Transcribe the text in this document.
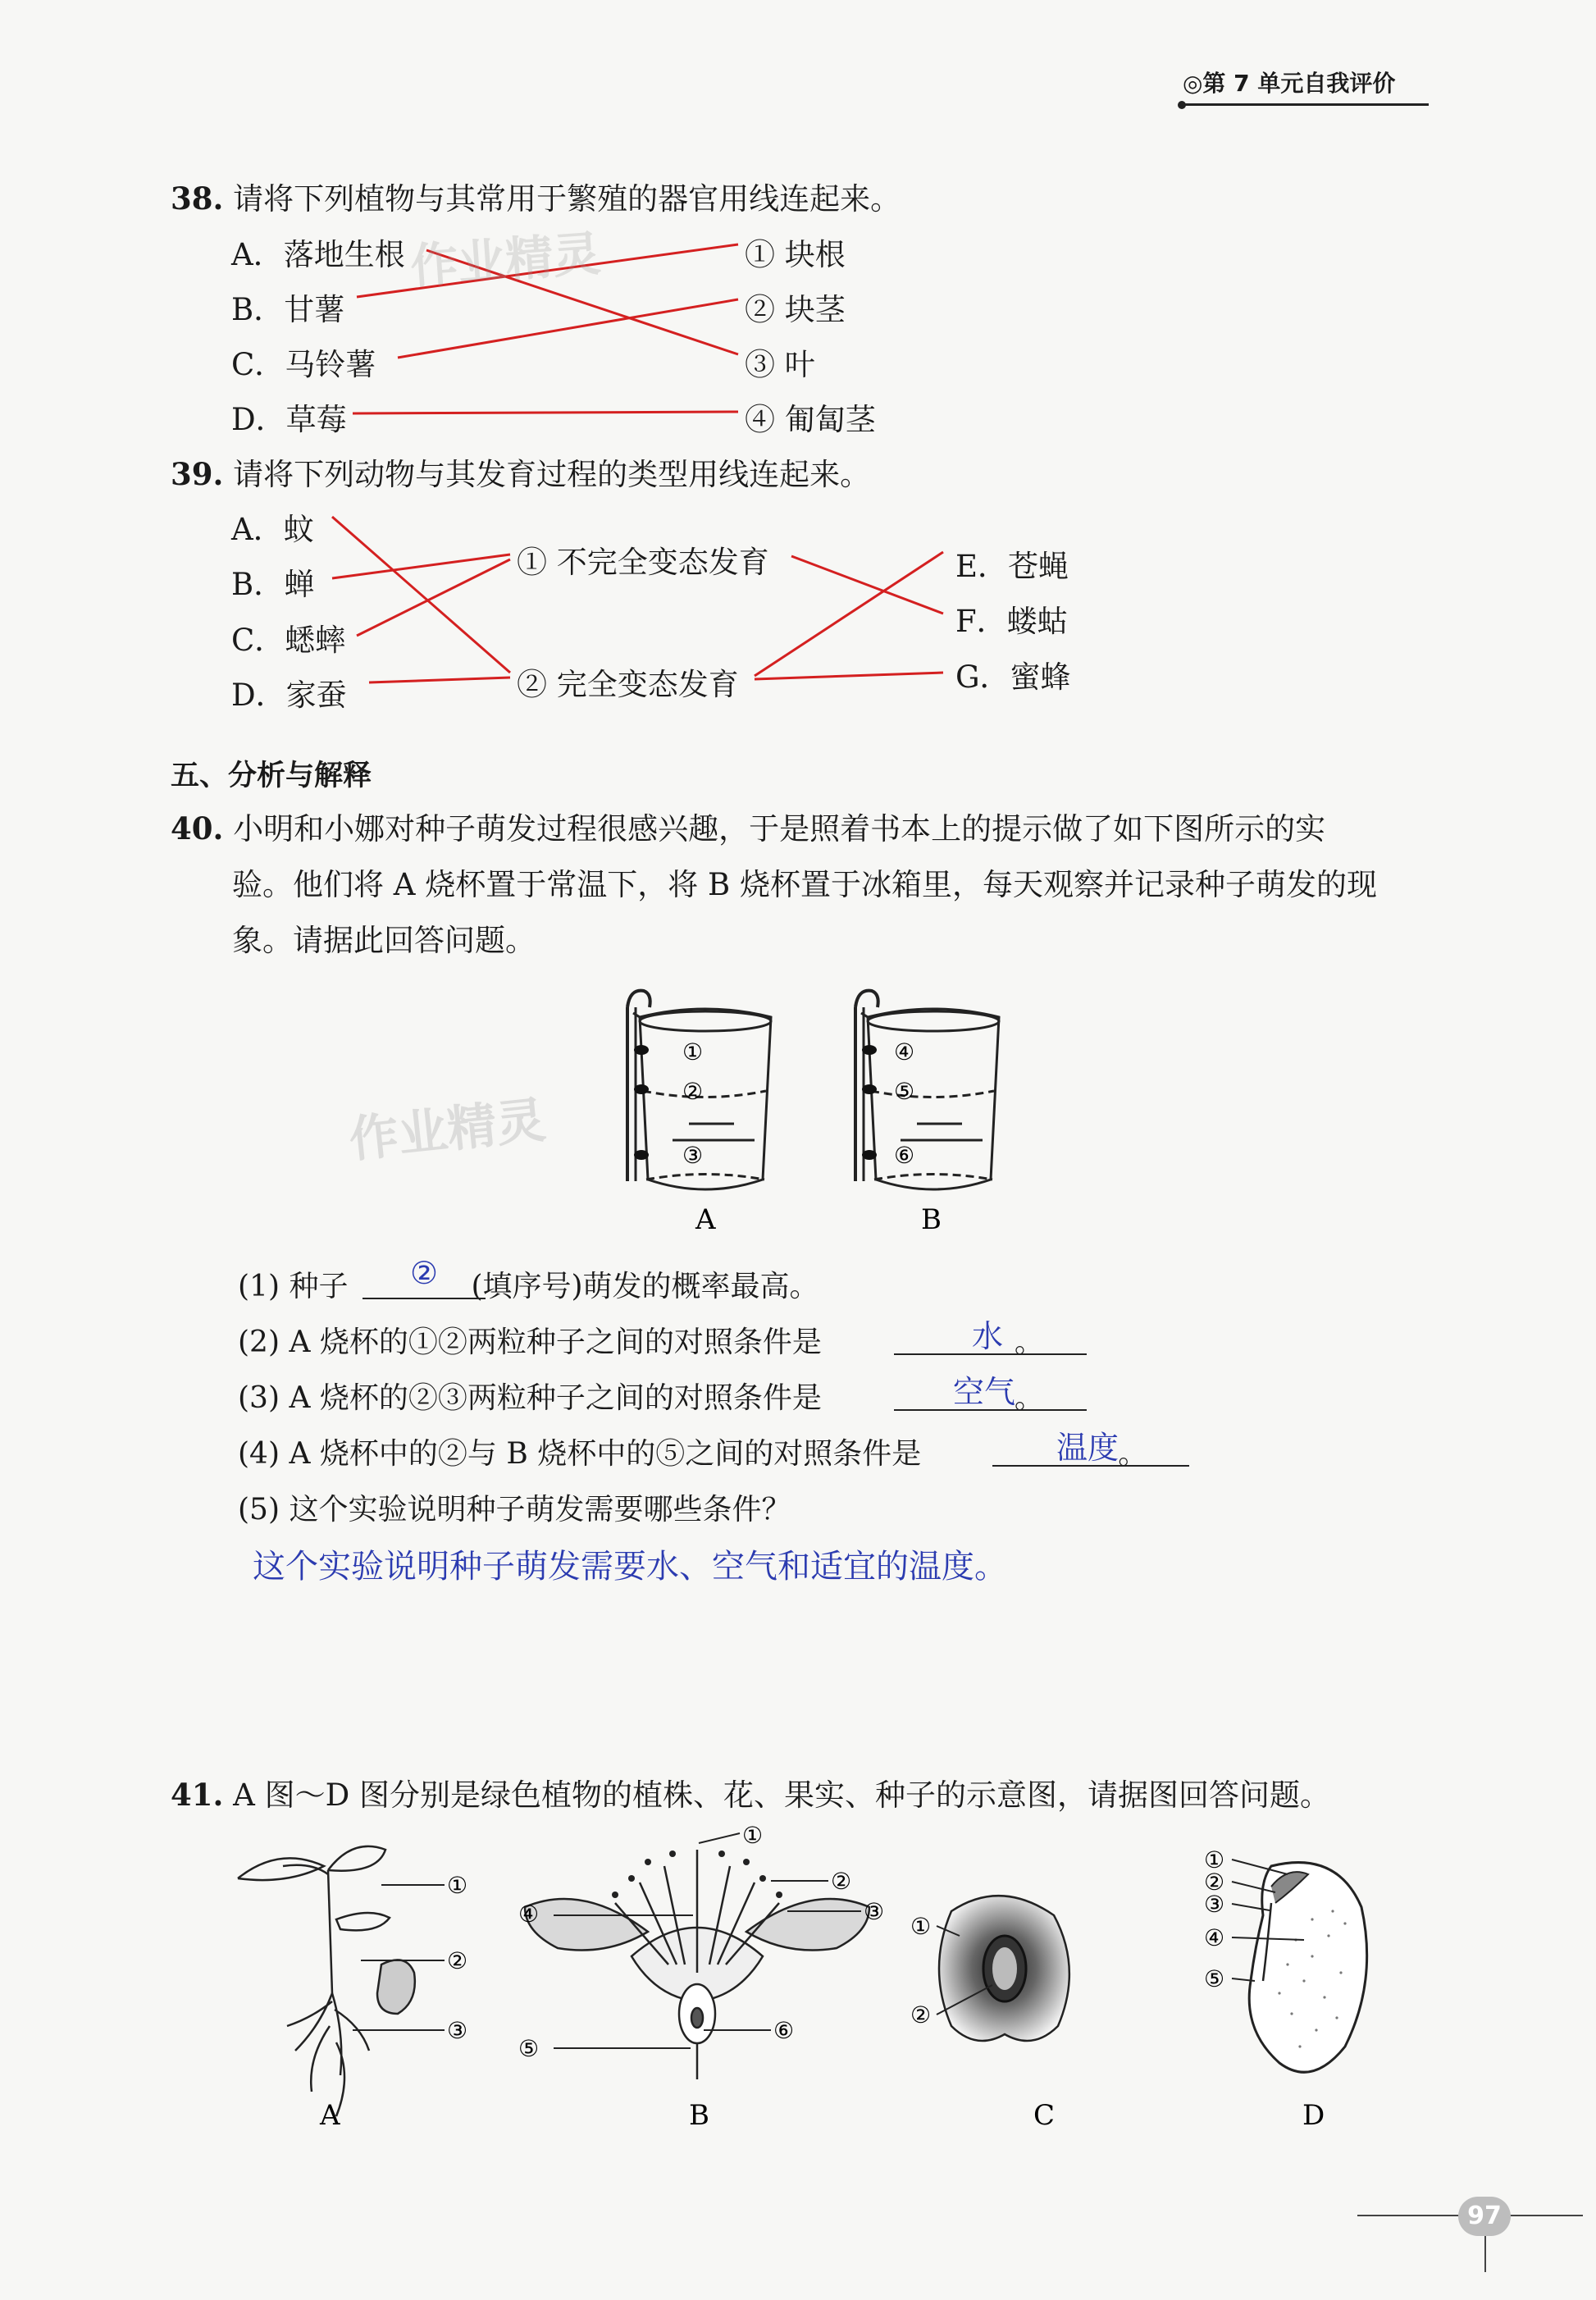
◎第 7 单元自我评价
38. 请将下列植物与其常用于繁殖的器官用线连起来。
A．落地生根
B．甘薯
C．马铃薯
D．草莓
① 块根
② 块茎
③ 叶
④ 匍匐茎
作业精灵
39. 请将下列动物与其发育过程的类型用线连起来。
A．蚊
B．蝉
C．蟋蟀
D．家蚕
① 不完全变态发育
② 完全变态发育
E．苍蝇
F．蝼蛄
G．蜜蜂
五、分析与解释
40. 小明和小娜对种子萌发过程很感兴趣，于是照着书本上的提示做了如下图所示的实
验。他们将 A 烧杯置于常温下，将 B 烧杯置于冰箱里，每天观察并记录种子萌发的现
象。请据此回答问题。
①
②
③
A
④
⑤
⑥
B
作业精灵
(1) 种子	(填序号)萌发的概率最高。
②
(2) A 烧杯的①②两粒种子之间的对照条件是	。
水
(3) A 烧杯的②③两粒种子之间的对照条件是	。
空气
(4) A 烧杯中的②与 B 烧杯中的⑤之间的对照条件是	。
温度
(5) 这个实验说明种子萌发需要哪些条件？
这个实验说明种子萌发需要水、空气和适宜的温度。
41. A 图～D 图分别是绿色植物的植株、花、果实、种子的示意图，请据图回答问题。
①
②
③
A
①
②
③
④
⑤
⑥
B
①
②
C
①
②
③
④
⑤
D
97
